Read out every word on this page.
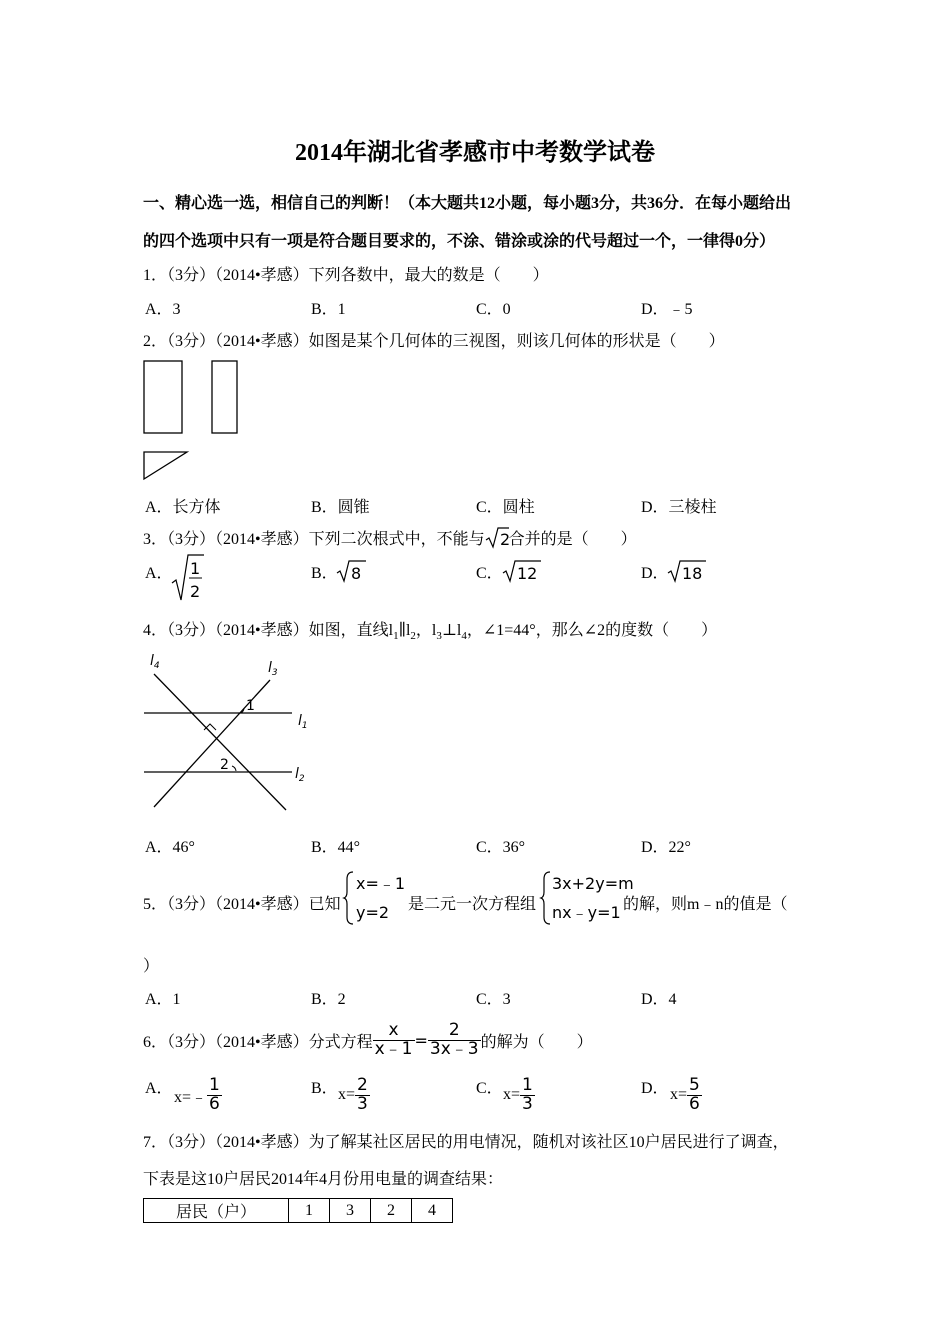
2014年湖北省孝感市中考数学试卷
一、精心选一选，相信自己的判断！（本大题共12小题，每小题3分，共36分．在每小题给出
的四个选项中只有一项是符合题目要求的，不涂、错涂或涂的代号超过一个，一律得0分）
1．（3分）（2014•孝感）下列各数中，最大的数是（　　）
A．3	B．1	C．0	D．﹣5
2．（3分）（2014•孝感）如图是某个几何体的三视图，则该几何体的形状是（　　）
A．长方体	B．圆锥	C．圆柱	D．三棱柱
3．（3分）（2014•孝感）下列二次根式中，不能与 2
合并的是（　　）
A． 1
2
B． 8	C． 12	D． 18
4．（3分）（2014•孝感）如图，直线$l_1\parallel l_2$，$l_3\perp l_4$，∠1=44°，那么∠2的度数（　　）
$l_4$	$l_3$
$l_1$
$l_2$
1
2
A．46°	B．44°	C．36°	D．22°
5．（3分）（2014•孝感）已知
x=﹣1
y=2 是二元一次方程组
3x+2y=m
nx﹣y=1 的解，则m﹣n的值是（
）
A．1	B．2	C．3	D．4
6．（3分）（2014•孝感）分式方程 $\frac{x}{x﹣1} = \frac{2}{3x﹣3}$ 的解为（　　）
A． x=﹣ $\frac{1}{6}$	B． $x= \frac{2}{3}$	C． $x= \frac{1}{3}$	D． $x= \frac{5}{6}$
7．（3分）（2014•孝感）为了解某社区居民的用电情况，随机对该社区10户居民进行了调查，
下表是这10户居民2014年4月份用电量的调查结果：
居民（户）	1	3	2	4
